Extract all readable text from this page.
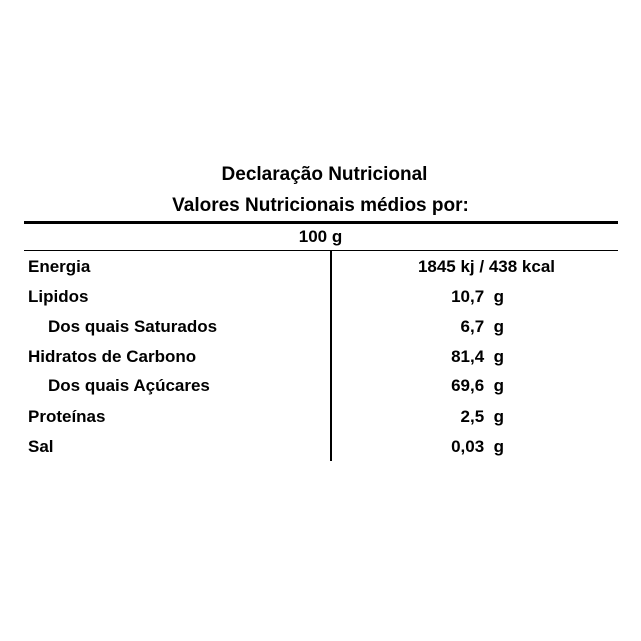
Declaração Nutricional
Valores Nutricionais médios por:
100 g
Energia	1845 kj / 438 kcal
Lipidos	10,7  g
Dos quais Saturados	6,7  g
Hidratos de Carbono	81,4  g
Dos quais Açúcares	69,6  g
Proteínas	2,5  g
Sal	0,03  g
